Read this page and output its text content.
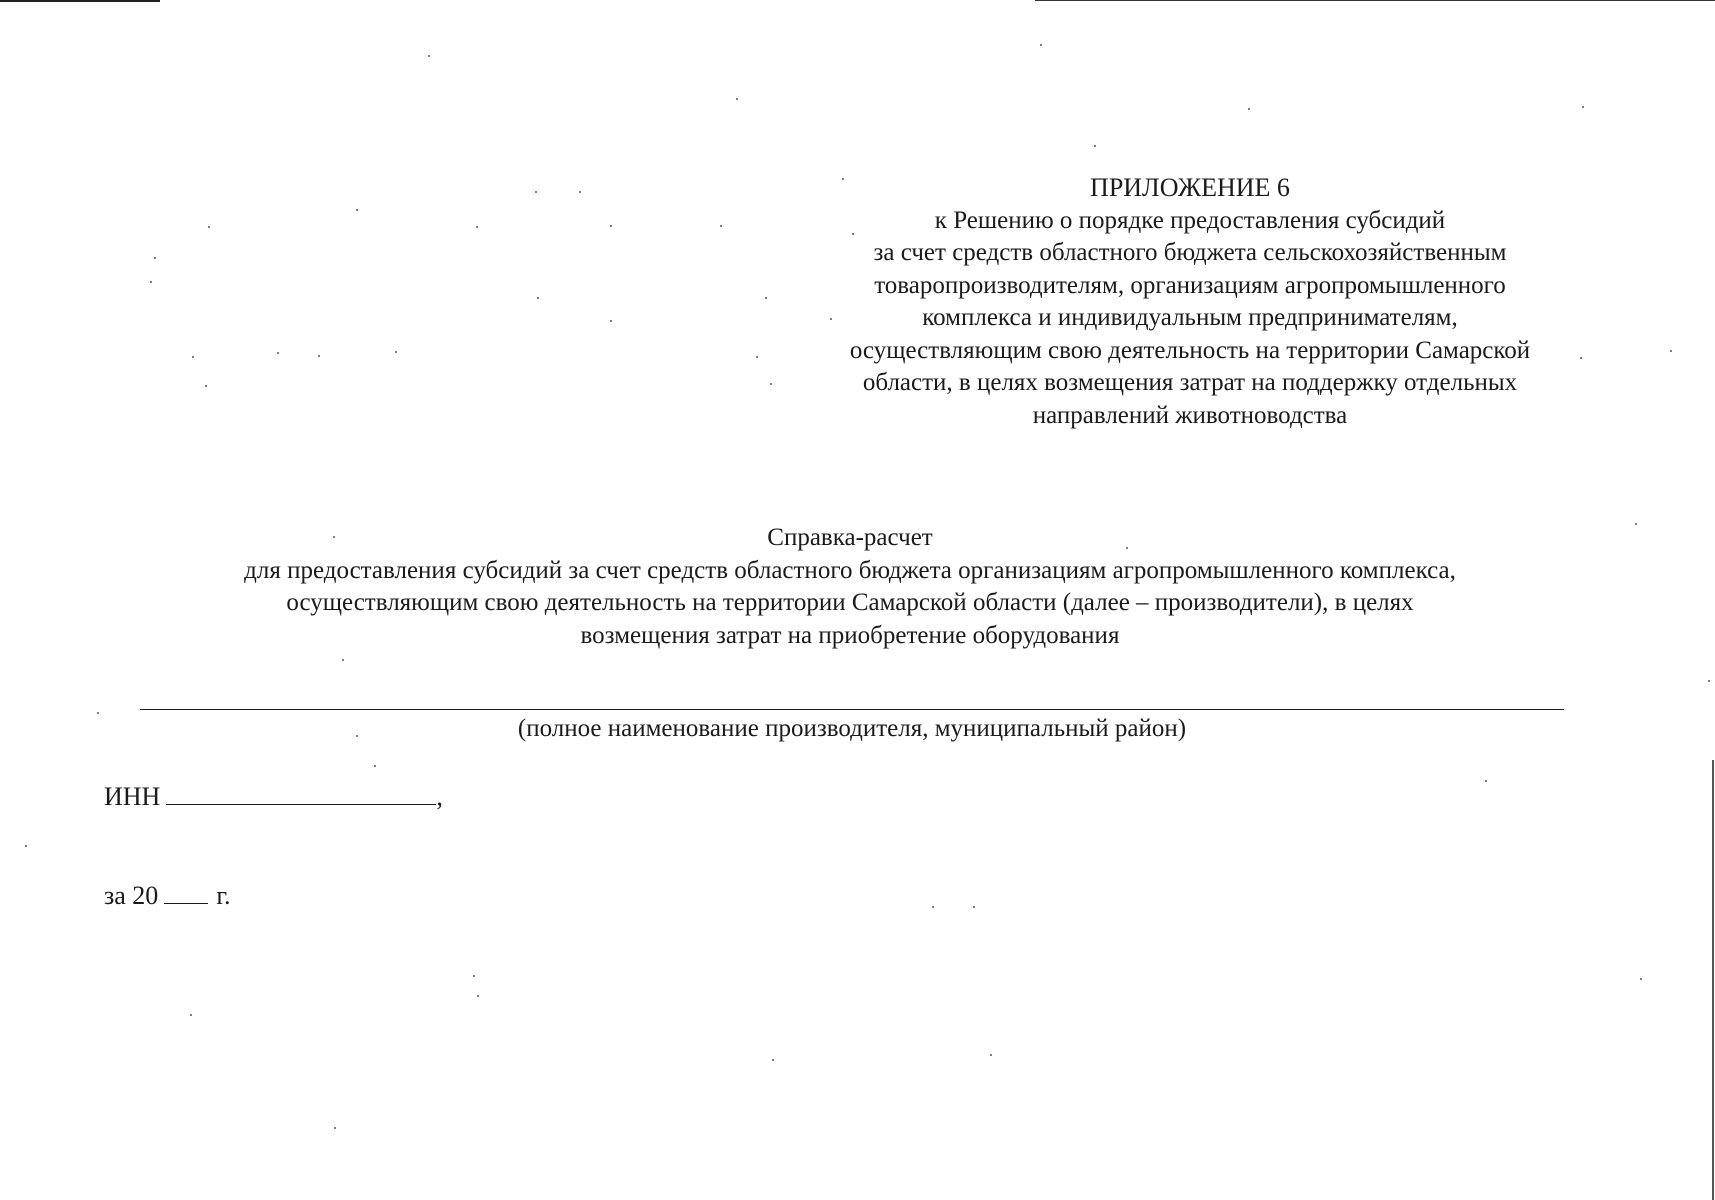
ПРИЛОЖЕНИЕ 6
к Решению о порядке предоставления субсидий
за счет средств областного бюджета сельскохозяйственным
товаропроизводителям, организациям агропромышленного
комплекса и индивидуальным предпринимателям,
осуществляющим свою деятельность на территории Самарской
области, в целях возмещения затрат на поддержку отдельных
направлений животноводства
Справка-расчет
для предоставления субсидий за счет средств областного бюджета организациям агропромышленного комплекса,
осуществляющим свою деятельность на территории Самарской области (далее – производители), в целях
возмещения затрат на приобретение оборудования
(полное наименование производителя, муниципальный район)
ИНН	,
за 20 г.
